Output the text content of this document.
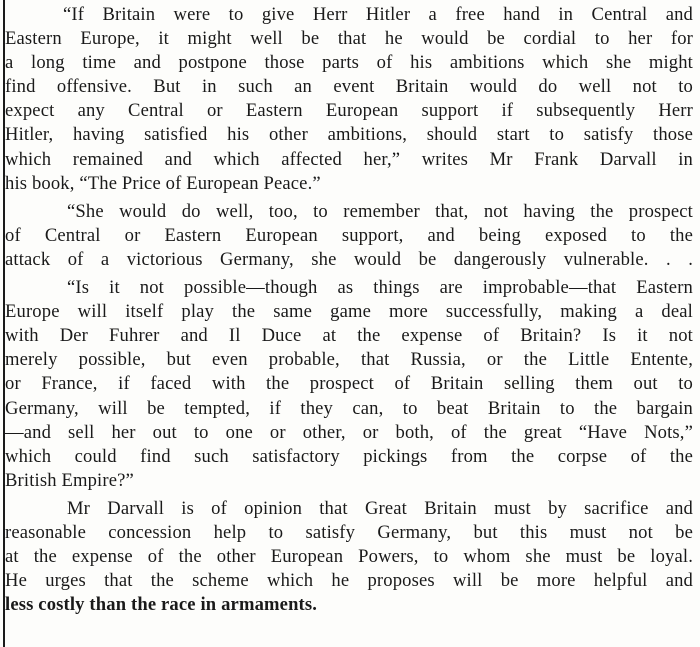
“If Britain were to give Herr Hitler a free hand in Central and
Eastern Europe, it might well be that he would be cordial to her for
a long time and postpone those parts of his ambitions which she might
find offensive. But in such an event Britain would do well not to
expect any Central or Eastern European support if subsequently Herr
Hitler, having satisfied his other ambitions, should start to satisfy those
which remained and which affected her,” writes Mr Frank Darvall in
his book, “The Price of European Peace.”
“She would do well, too, to remember that, not having the prospect
of Central or Eastern European support, and being exposed to the
attack of a victorious Germany, she would be dangerously vulnerable. . .
“Is it not possible—though as things are improbable—that Eastern
Europe will itself play the same game more successfully, making a deal
with Der Fuhrer and Il Duce at the expense of Britain? Is it not
merely possible, but even probable, that Russia, or the Little Entente,
or France, if faced with the prospect of Britain selling them out to
Germany, will be tempted, if they can, to beat Britain to the bargain
—and sell her out to one or other, or both, of the great “Have Nots,”
which could find such satisfactory pickings from the corpse of the
British Empire?”
Mr Darvall is of opinion that Great Britain must by sacrifice and
reasonable concession help to satisfy Germany, but this must not be
at the expense of the other European Powers, to whom she must be loyal.
He urges that the scheme which he proposes will be more helpful and
less costly than the race in armaments.
